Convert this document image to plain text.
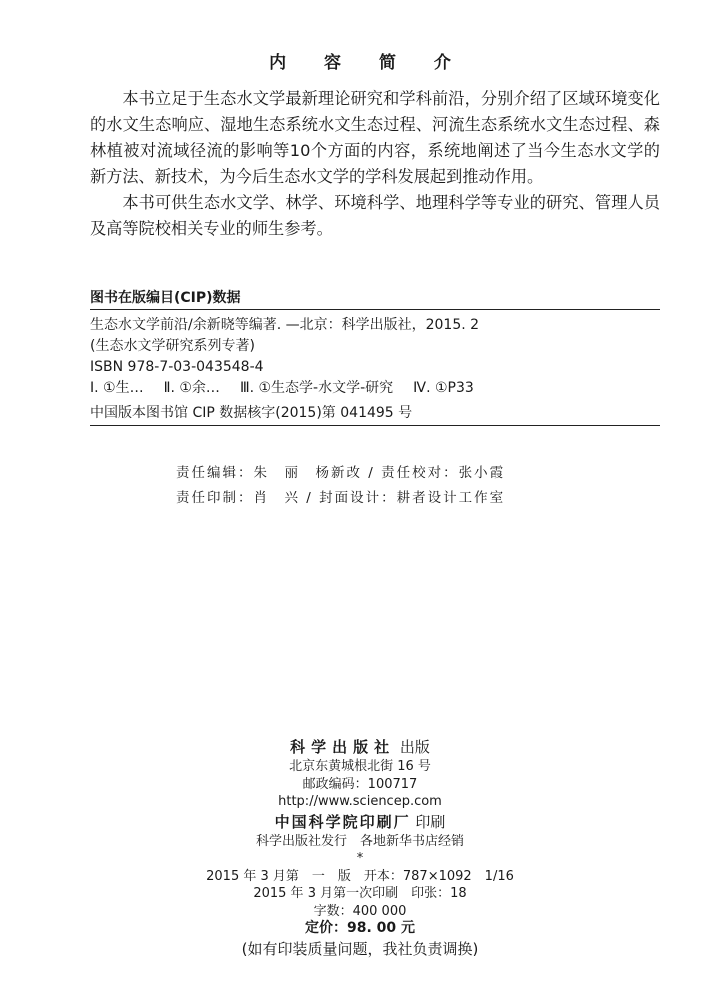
内 容 简 介

本书立足于生态水文学最新理论研究和学科前沿，分别介绍了区域环境变化的水文生态响应、湿地生态系统水文生态过程、河流生态系统水文生态过程、森林植被对流域径流的影响等10个方面的内容，系统地阐述了当今生态水文学的新方法、新技术，为今后生态水文学的学科发展起到推动作用。

本书可供生态水文学、林学、环境科学、地理科学等专业的研究、管理人员及高等院校相关专业的师生参考。

图书在版编目(CIP)数据
生态水文学前沿/余新晓等编著. —北京：科学出版社，2015. 2
(生态水文学研究系列专著)
ISBN 978-7-03-043548-4
Ⅰ. ①生… Ⅱ. ①余… Ⅲ. ①生态学-水文学-研究 Ⅳ. ①P33
中国版本图书馆 CIP 数据核字(2015)第 041495 号
责任编辑：朱　丽　杨新改 / 责任校对：张小霞
责任印制：肖　兴 / 封面设计：耕者设计工作室
科学出版社 出版
北京东黄城根北街 16 号
邮政编码：100717
http://www.sciencep.com
中国科学院印刷厂 印刷
科学出版社发行　各地新华书店经销
*
2015 年 3 月第　一　版　开本：787×1092　1/16
2015 年 3 月第一次印刷　印张：18
字数：400 000
定价：98. 00 元
(如有印装质量问题，我社负责调换)
